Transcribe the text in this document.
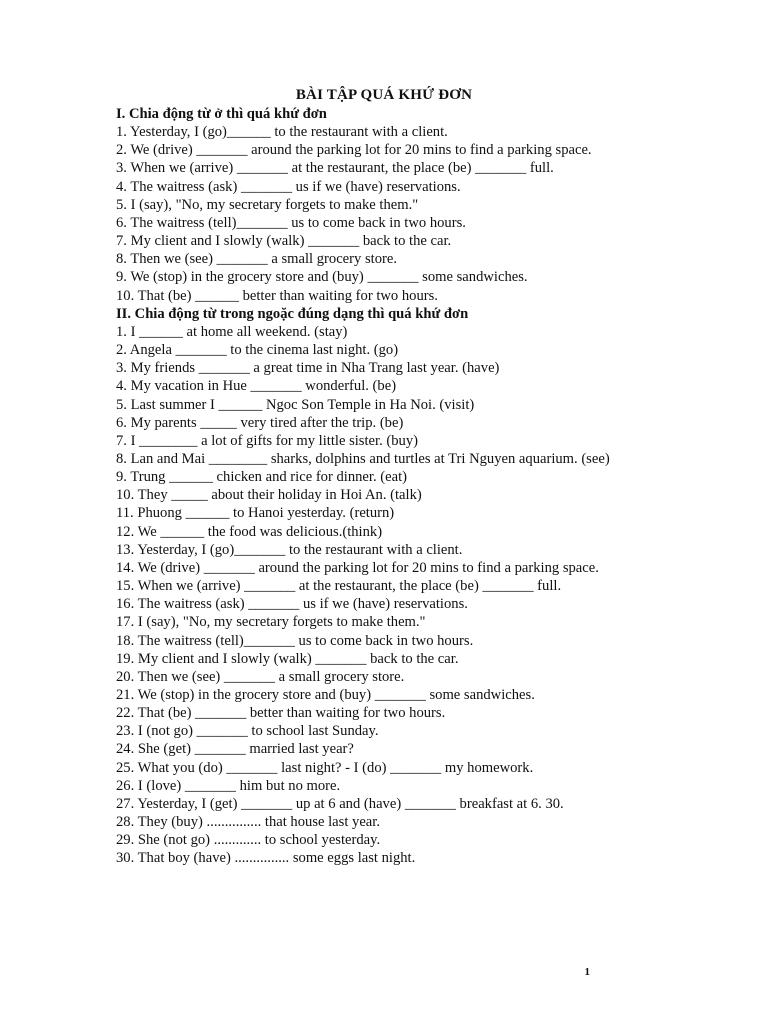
BÀI TẬP QUÁ KHỨ ĐƠN
I. Chia động từ ở thì quá khứ đơn
1. Yesterday, I (go)______ to the restaurant with a client.
2. We (drive) _______ around the parking lot for 20 mins to find a parking space.
3. When we (arrive) _______ at the restaurant, the place (be) _______ full.
4. The waitress (ask) _______ us if we (have) reservations.
5. I (say), "No, my secretary forgets to make them."
6. The waitress (tell)_______ us to come back in two hours.
7. My client and I slowly (walk) _______ back to the car.
8. Then we (see) _______ a small grocery store.
9. We (stop) in the grocery store and (buy) _______ some sandwiches.
10. That (be) ______ better than waiting for two hours.
II. Chia động từ trong ngoặc đúng dạng thì quá khứ đơn
1. I ______ at home all weekend. (stay)
2. Angela _______ to the cinema last night. (go)
3. My friends _______ a great time in Nha Trang last year. (have)
4. My vacation in Hue _______ wonderful. (be)
5. Last summer I ______ Ngoc Son Temple in Ha Noi. (visit)
6. My parents _____ very tired after the trip. (be)
7. I ________ a lot of gifts for my little sister. (buy)
8. Lan and Mai ________ sharks, dolphins and turtles at Tri Nguyen aquarium. (see)
9. Trung ______ chicken and rice for dinner. (eat)
10. They _____ about their holiday in Hoi An. (talk)
11. Phuong ______ to Hanoi yesterday. (return)
12. We ______ the food was delicious.(think)
13. Yesterday, I (go)_______ to the restaurant with a client.
14. We (drive) _______ around the parking lot for 20 mins to find a parking space.
15. When we (arrive) _______ at the restaurant, the place (be) _______ full.
16. The waitress (ask) _______ us if we (have) reservations.
17. I (say), "No, my secretary forgets to make them."
18. The waitress (tell)_______ us to come back in two hours.
19. My client and I slowly (walk) _______ back to the car.
20. Then we (see) _______ a small grocery store.
21. We (stop) in the grocery store and (buy) _______ some sandwiches.
22. That (be) _______ better than waiting for two hours.
23. I (not go) _______ to school last Sunday.
24. She (get) _______ married last year?
25. What you (do) _______ last night? - I (do) _______ my homework.
26. I (love) _______ him but no more.
27. Yesterday, I (get) _______ up at 6 and (have) _______ breakfast at 6. 30.
28. They (buy) ............... that house last year.
29. She (not go) ............. to school yesterday.
30. That boy (have) ............... some eggs last night.
1
